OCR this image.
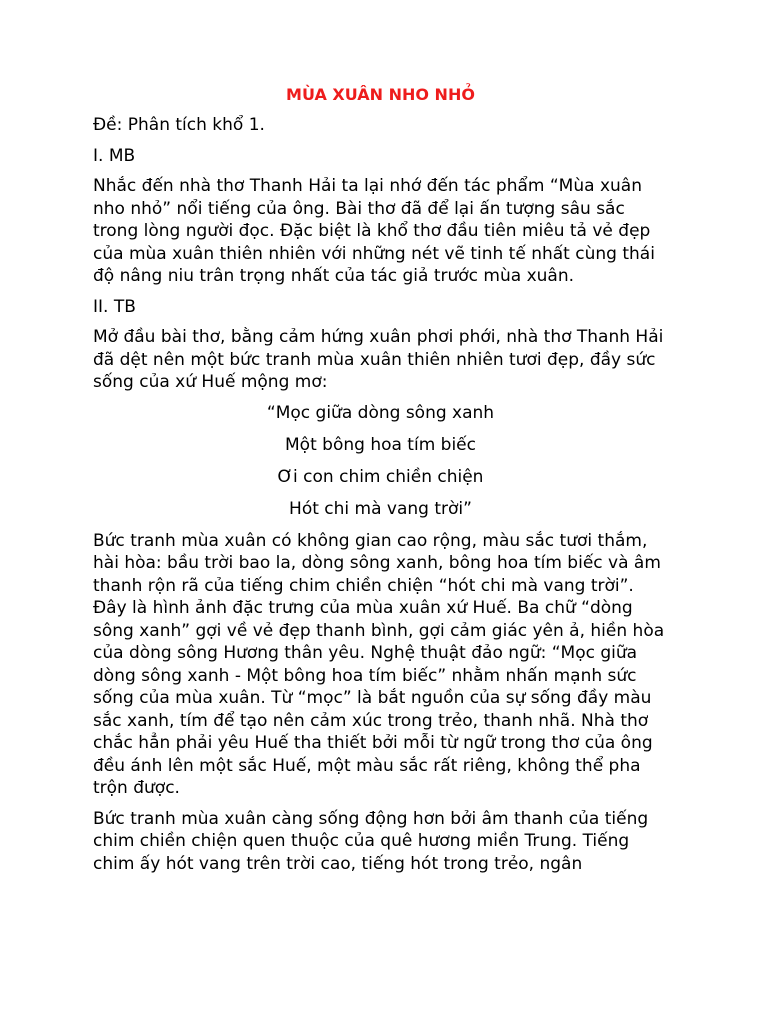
MÙA XUÂN NHO NHỎ

Đề: Phân tích khổ 1.

I. MB

Nhắc đến nhà thơ Thanh Hải ta lại nhớ đến tác phẩm “Mùa xuân nho nhỏ” nổi tiếng của ông. Bài thơ đã để lại ấn tượng sâu sắc trong lòng người đọc. Đặc biệt là khổ thơ đầu tiên miêu tả vẻ đẹp của mùa xuân thiên nhiên với những nét vẽ tinh tế nhất cùng thái độ nâng niu trân trọng nhất của tác giả trước mùa xuân.

II. TB

Mở đầu bài thơ, bằng cảm hứng xuân phơi phới, nhà thơ Thanh Hải đã dệt nên một bức tranh mùa xuân thiên nhiên tươi đẹp, đầy sức sống của xứ Huế mộng mơ:

“Mọc giữa dòng sông xanh

Một bông hoa tím biếc

Ơi con chim chiền chiện

Hót chi mà vang trời”

Bức tranh mùa xuân có không gian cao rộng, màu sắc tươi thắm, hài hòa: bầu trời bao la, dòng sông xanh, bông hoa tím biếc và âm thanh rộn rã của tiếng chim chiền chiện “hót chi mà vang trời”. Đây là hình ảnh đặc trưng của mùa xuân xứ Huế. Ba chữ “dòng sông xanh” gợi về vẻ đẹp thanh bình, gợi cảm giác yên ả, hiền hòa của dòng sông Hương thân yêu. Nghệ thuật đảo ngữ: “Mọc giữa dòng sông xanh - Một bông hoa tím biếc” nhằm nhấn mạnh sức sống của mùa xuân. Từ “mọc” là bắt nguồn của sự sống đầy màu sắc xanh, tím để tạo nên cảm xúc trong trẻo, thanh nhã. Nhà thơ chắc hẳn phải yêu Huế tha thiết bởi mỗi từ ngữ trong thơ của ông đều ánh lên một sắc Huế, một màu sắc rất riêng, không thể pha trộn được.

Bức tranh mùa xuân càng sống động hơn bởi âm thanh của tiếng chim chiền chiện quen thuộc của quê hương miền Trung. Tiếng chim ấy hót vang trên trời cao, tiếng hót trong trẻo, ngân
